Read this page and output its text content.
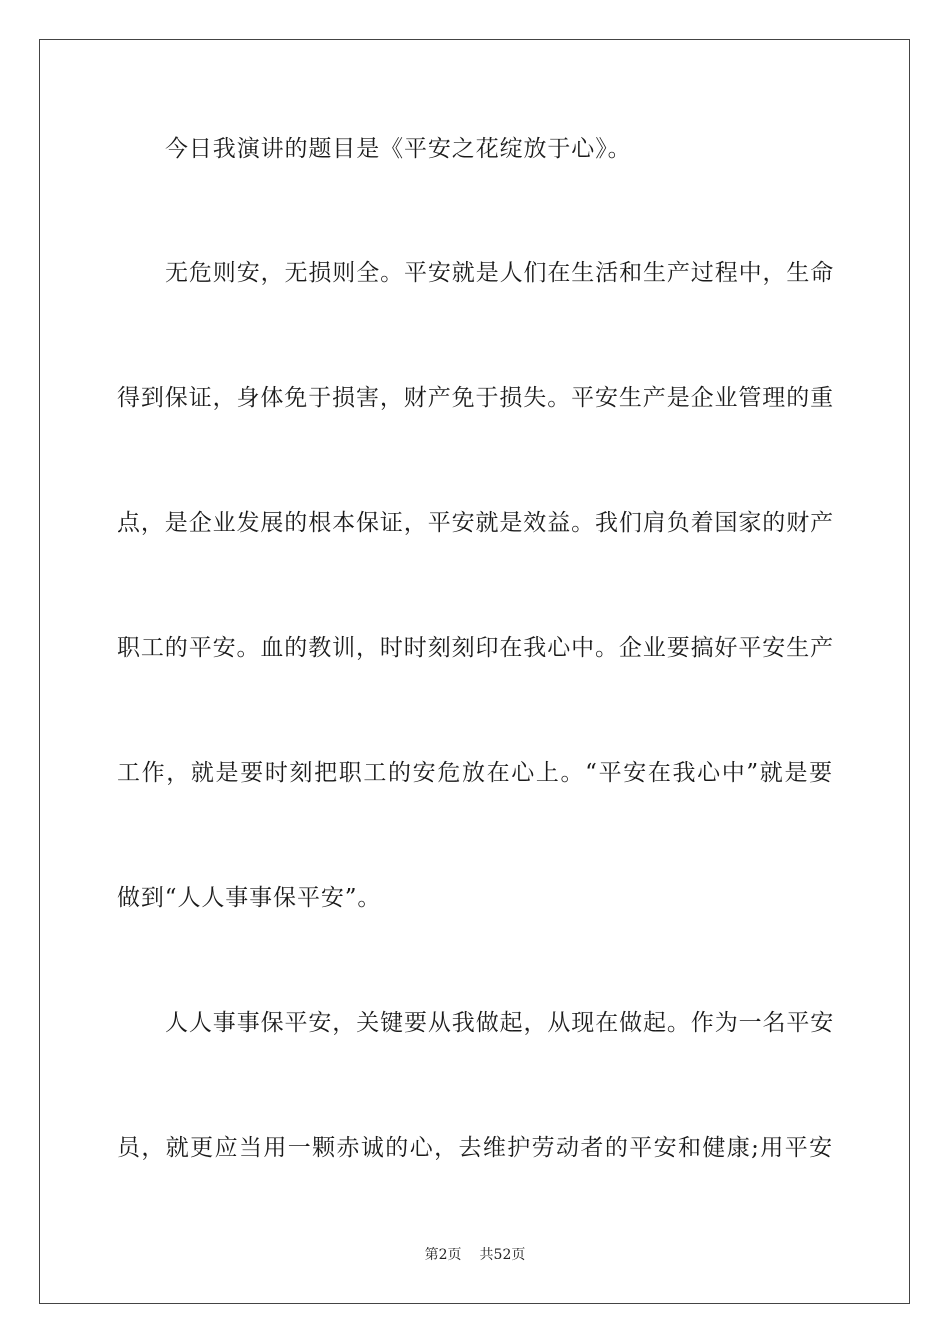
今日我演讲的题目是《平安之花绽放于心》。
无危则安，无损则全。平安就是人们在生活和生产过程中，生命
得到保证，身体免于损害，财产免于损失。平安生产是企业管理的重
点，是企业发展的根本保证，平安就是效益。我们肩负着国家的财产
职工的平安。血的教训，时时刻刻印在我心中。企业要搞好平安生产
工作，就是要时刻把职工的安危放在心上。“平安在我心中”就是要
做到“人人事事保平安”。
人人事事保平安，关键要从我做起，从现在做起。作为一名平安
员，就更应当用一颗赤诚的心，去维护劳动者的平安和健康;用平安
第2页 共52页
